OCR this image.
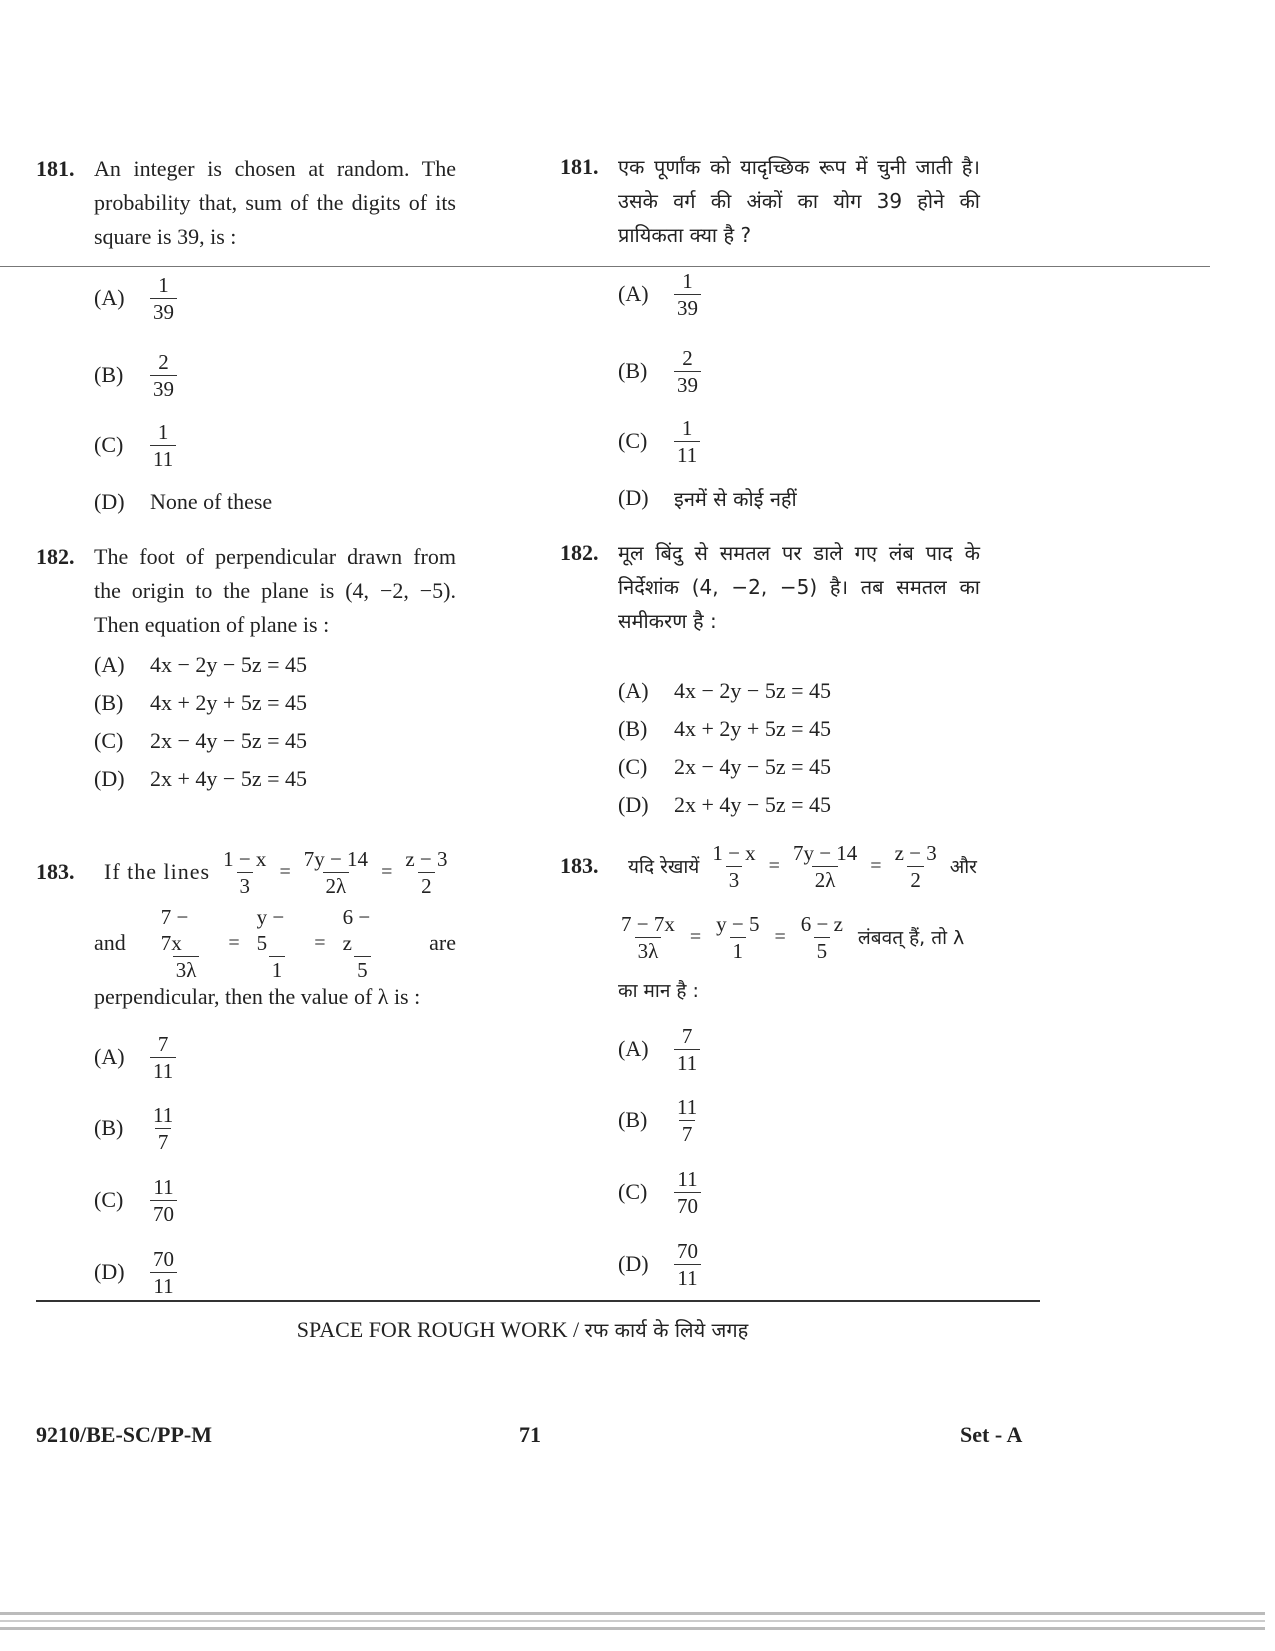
181. An integer is chosen at random. The probability that, sum of the digits of its square is 39, is :
(A)	$\frac{1}{39}$
(B)	$\frac{2}{39}$
(C)	$\frac{1}{11}$
(D)	None of these
182. The foot of perpendicular drawn from the origin to the plane is (4, −2, −5). Then equation of plane is :
(A)	4x − 2y − 5z = 45
(B)	4x + 2y + 5z = 45
(C)	2x − 4y − 5z = 45
(D)	2x + 4y − 5z = 45
183.	If the lines $\frac{1 - x}{3} = \frac{7y - 14}{2\lambda} = \frac{z - 3}{2}$
and $\frac{7 - 7x}{3\lambda} = \frac{y - 5}{1} = \frac{6 - z}{5}$ are
perpendicular, then the value of λ is :
(A)	$\frac{7}{11}$
(B)	$\frac{11}{7}$
(C)	$\frac{11}{70}$
(D)	$\frac{70}{11}$
181. एक पूर्णांक को यादृच्छिक रूप में चुनी जाती है। उसके वर्ग की अंकों का योग 39 होने की प्रायिकता क्या है ?
(A)	$\frac{1}{39}$
(B)	$\frac{2}{39}$
(C)	$\frac{1}{11}$
(D)	इनमें से कोई नहीं
182. मूल बिंदु से समतल पर डाले गए लंब पाद के निर्देशांक (4, −2, −5) है। तब समतल का समीकरण है :
(A)	4x − 2y − 5z = 45
(B)	4x + 2y + 5z = 45
(C)	2x − 4y − 5z = 45
(D)	2x + 4y − 5z = 45
183.	यदि रेखायें $\frac{1 - x}{3} = \frac{7y - 14}{2\lambda} = \frac{z - 3}{2}$ और
$\frac{7 - 7x}{3\lambda} = \frac{y - 5}{1} = \frac{6 - z}{5}$ लंबवत् हैं, तो λ
का मान है :
(A)	$\frac{7}{11}$
(B)	$\frac{11}{7}$
(C)	$\frac{11}{70}$
(D)	$\frac{70}{11}$
SPACE FOR ROUGH WORK / रफ कार्य के लिये जगह
9210/BE-SC/PP-M	71	Set - A
